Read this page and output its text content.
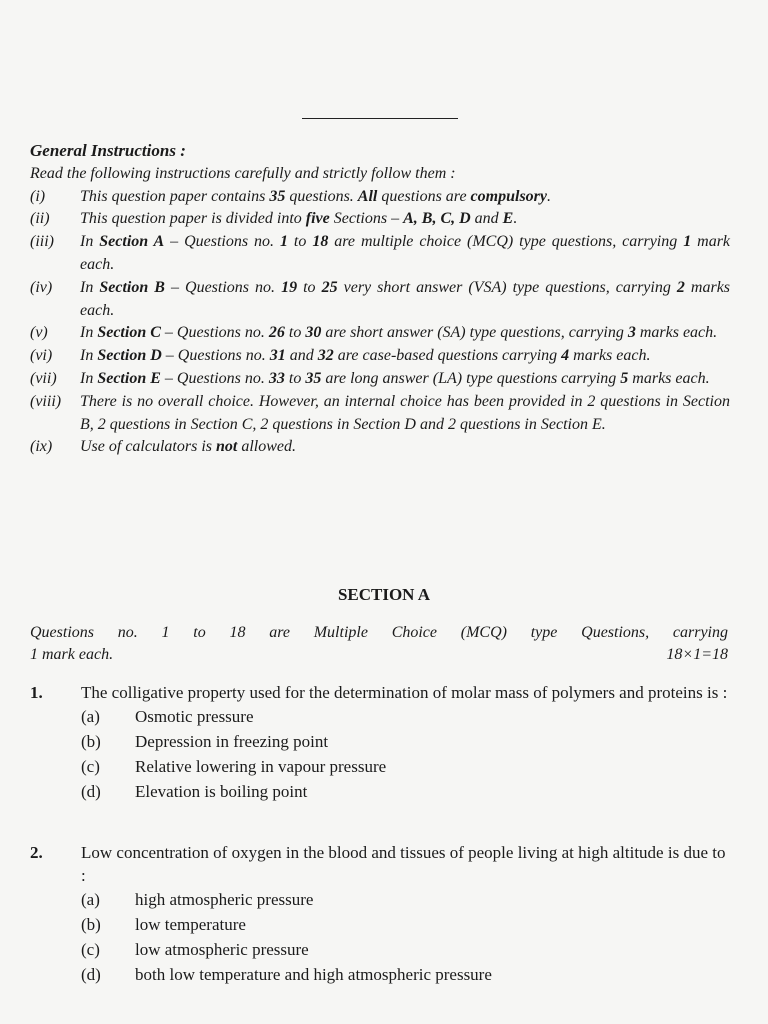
General Instructions :
Read the following instructions carefully and strictly follow them :
(i)	This question paper contains 35 questions. All questions are compulsory.
(ii)	This question paper is divided into five Sections – A, B, C, D and E.
(iii)	In Section A – Questions no. 1 to 18 are multiple choice (MCQ) type questions, carrying 1 mark each.
(iv)	In Section B – Questions no. 19 to 25 very short answer (VSA) type questions, carrying 2 marks each.
(v)	In Section C – Questions no. 26 to 30 are short answer (SA) type questions, carrying 3 marks each.
(vi)	In Section D – Questions no. 31 and 32 are case-based questions carrying 4 marks each.
(vii)	In Section E – Questions no. 33 to 35 are long answer (LA) type questions carrying 5 marks each.
(viii)	There is no overall choice. However, an internal choice has been provided in 2 questions in Section B, 2 questions in Section C, 2 questions in Section D and 2 questions in Section E.
(ix)	Use of calculators is not allowed.
SECTION A
Questions no. 1 to 18 are Multiple Choice (MCQ) type Questions, carrying
1 mark each.	18×1=18
1.	The colligative property used for the determination of molar mass of polymers and proteins is :
(a)	Osmotic pressure
(b)	Depression in freezing point
(c)	Relative lowering in vapour pressure
(d)	Elevation is boiling point
2.	Low concentration of oxygen in the blood and tissues of people living at high altitude is due to :
(a)	high atmospheric pressure
(b)	low temperature
(c)	low atmospheric pressure
(d)	both low temperature and high atmospheric pressure
